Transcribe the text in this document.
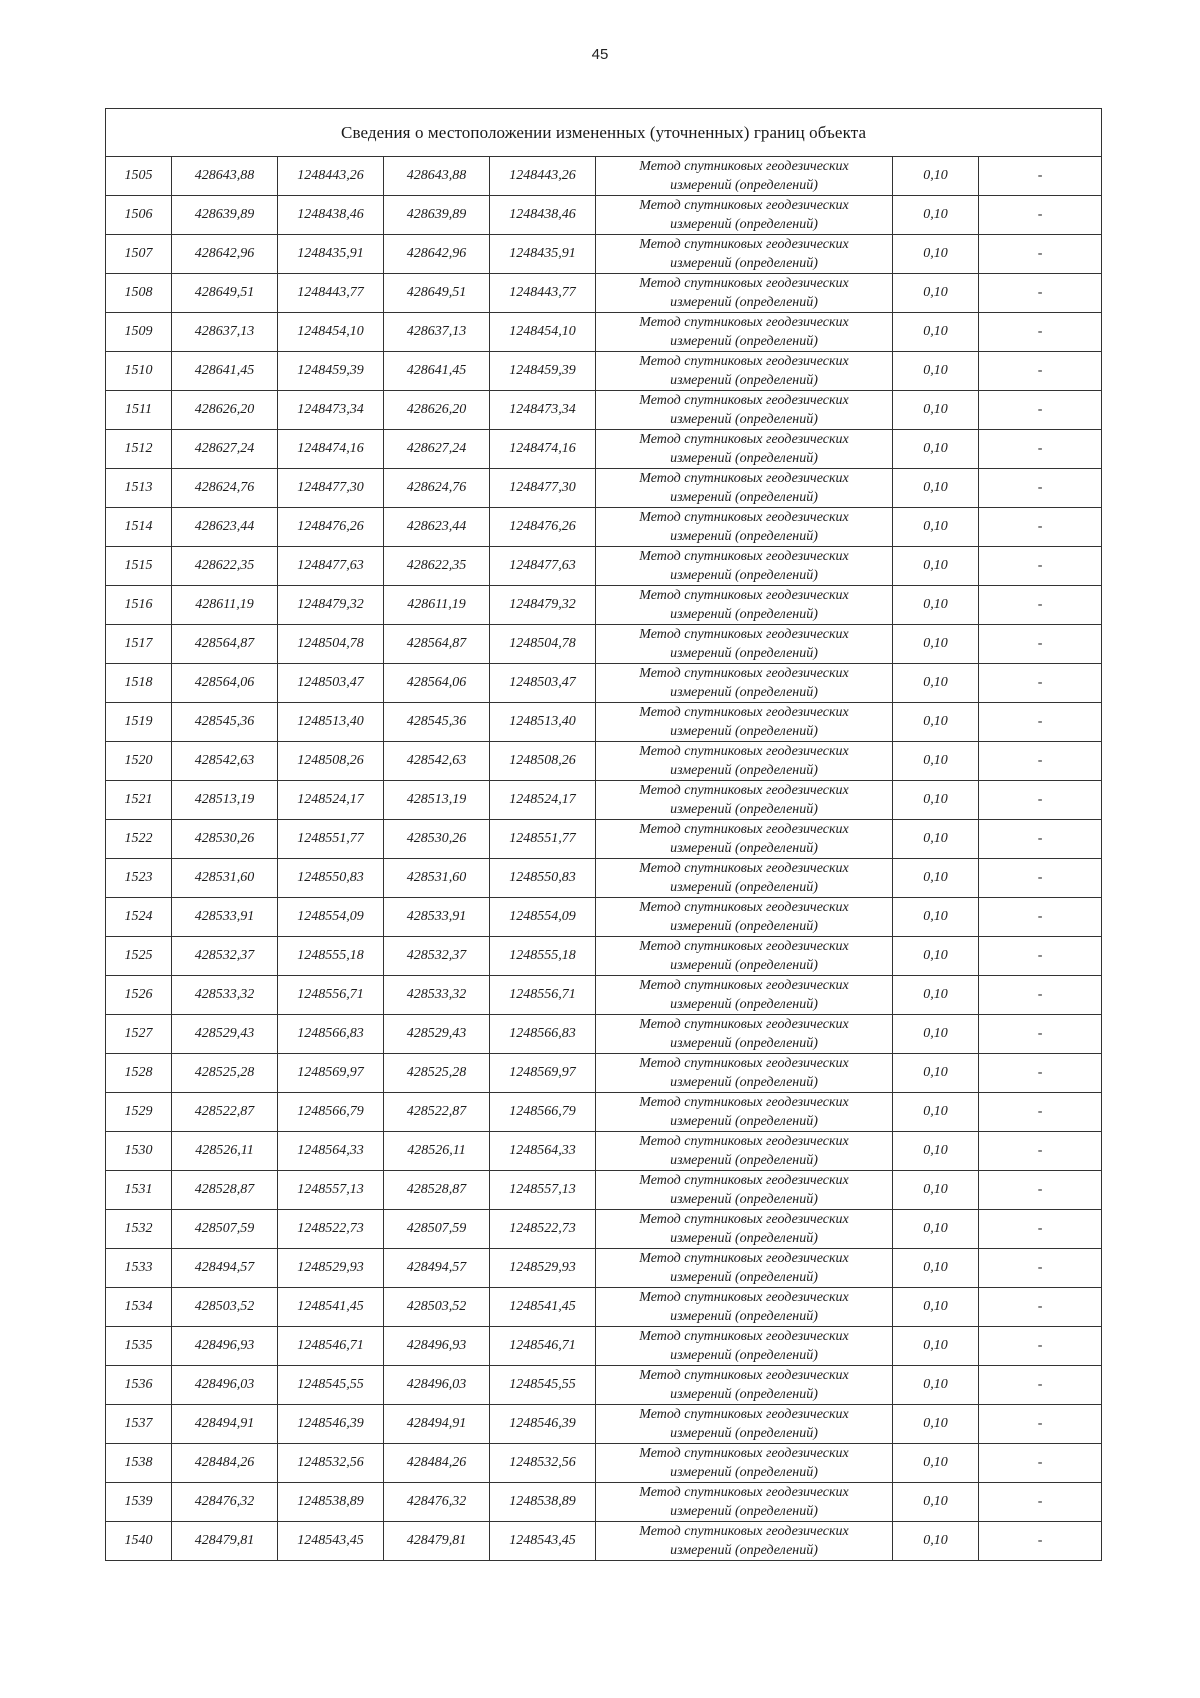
45
Сведения о местоположении измененных (уточненных) границ объекта							
1505	428643,88	1248443,26	428643,88	1248443,26	Метод спутниковых геодезических
измерений (определений)	0,10	-
1506	428639,89	1248438,46	428639,89	1248438,46	Метод спутниковых геодезических
измерений (определений)	0,10	-
1507	428642,96	1248435,91	428642,96	1248435,91	Метод спутниковых геодезических
измерений (определений)	0,10	-
1508	428649,51	1248443,77	428649,51	1248443,77	Метод спутниковых геодезических
измерений (определений)	0,10	-
1509	428637,13	1248454,10	428637,13	1248454,10	Метод спутниковых геодезических
измерений (определений)	0,10	-
1510	428641,45	1248459,39	428641,45	1248459,39	Метод спутниковых геодезических
измерений (определений)	0,10	-
1511	428626,20	1248473,34	428626,20	1248473,34	Метод спутниковых геодезических
измерений (определений)	0,10	-
1512	428627,24	1248474,16	428627,24	1248474,16	Метод спутниковых геодезических
измерений (определений)	0,10	-
1513	428624,76	1248477,30	428624,76	1248477,30	Метод спутниковых геодезических
измерений (определений)	0,10	-
1514	428623,44	1248476,26	428623,44	1248476,26	Метод спутниковых геодезических
измерений (определений)	0,10	-
1515	428622,35	1248477,63	428622,35	1248477,63	Метод спутниковых геодезических
измерений (определений)	0,10	-
1516	428611,19	1248479,32	428611,19	1248479,32	Метод спутниковых геодезических
измерений (определений)	0,10	-
1517	428564,87	1248504,78	428564,87	1248504,78	Метод спутниковых геодезических
измерений (определений)	0,10	-
1518	428564,06	1248503,47	428564,06	1248503,47	Метод спутниковых геодезических
измерений (определений)	0,10	-
1519	428545,36	1248513,40	428545,36	1248513,40	Метод спутниковых геодезических
измерений (определений)	0,10	-
1520	428542,63	1248508,26	428542,63	1248508,26	Метод спутниковых геодезических
измерений (определений)	0,10	-
1521	428513,19	1248524,17	428513,19	1248524,17	Метод спутниковых геодезических
измерений (определений)	0,10	-
1522	428530,26	1248551,77	428530,26	1248551,77	Метод спутниковых геодезических
измерений (определений)	0,10	-
1523	428531,60	1248550,83	428531,60	1248550,83	Метод спутниковых геодезических
измерений (определений)	0,10	-
1524	428533,91	1248554,09	428533,91	1248554,09	Метод спутниковых геодезических
измерений (определений)	0,10	-
1525	428532,37	1248555,18	428532,37	1248555,18	Метод спутниковых геодезических
измерений (определений)	0,10	-
1526	428533,32	1248556,71	428533,32	1248556,71	Метод спутниковых геодезических
измерений (определений)	0,10	-
1527	428529,43	1248566,83	428529,43	1248566,83	Метод спутниковых геодезических
измерений (определений)	0,10	-
1528	428525,28	1248569,97	428525,28	1248569,97	Метод спутниковых геодезических
измерений (определений)	0,10	-
1529	428522,87	1248566,79	428522,87	1248566,79	Метод спутниковых геодезических
измерений (определений)	0,10	-
1530	428526,11	1248564,33	428526,11	1248564,33	Метод спутниковых геодезических
измерений (определений)	0,10	-
1531	428528,87	1248557,13	428528,87	1248557,13	Метод спутниковых геодезических
измерений (определений)	0,10	-
1532	428507,59	1248522,73	428507,59	1248522,73	Метод спутниковых геодезических
измерений (определений)	0,10	-
1533	428494,57	1248529,93	428494,57	1248529,93	Метод спутниковых геодезических
измерений (определений)	0,10	-
1534	428503,52	1248541,45	428503,52	1248541,45	Метод спутниковых геодезических
измерений (определений)	0,10	-
1535	428496,93	1248546,71	428496,93	1248546,71	Метод спутниковых геодезических
измерений (определений)	0,10	-
1536	428496,03	1248545,55	428496,03	1248545,55	Метод спутниковых геодезических
измерений (определений)	0,10	-
1537	428494,91	1248546,39	428494,91	1248546,39	Метод спутниковых геодезических
измерений (определений)	0,10	-
1538	428484,26	1248532,56	428484,26	1248532,56	Метод спутниковых геодезических
измерений (определений)	0,10	-
1539	428476,32	1248538,89	428476,32	1248538,89	Метод спутниковых геодезических
измерений (определений)	0,10	-
1540	428479,81	1248543,45	428479,81	1248543,45	Метод спутниковых геодезических
измерений (определений)	0,10	-
